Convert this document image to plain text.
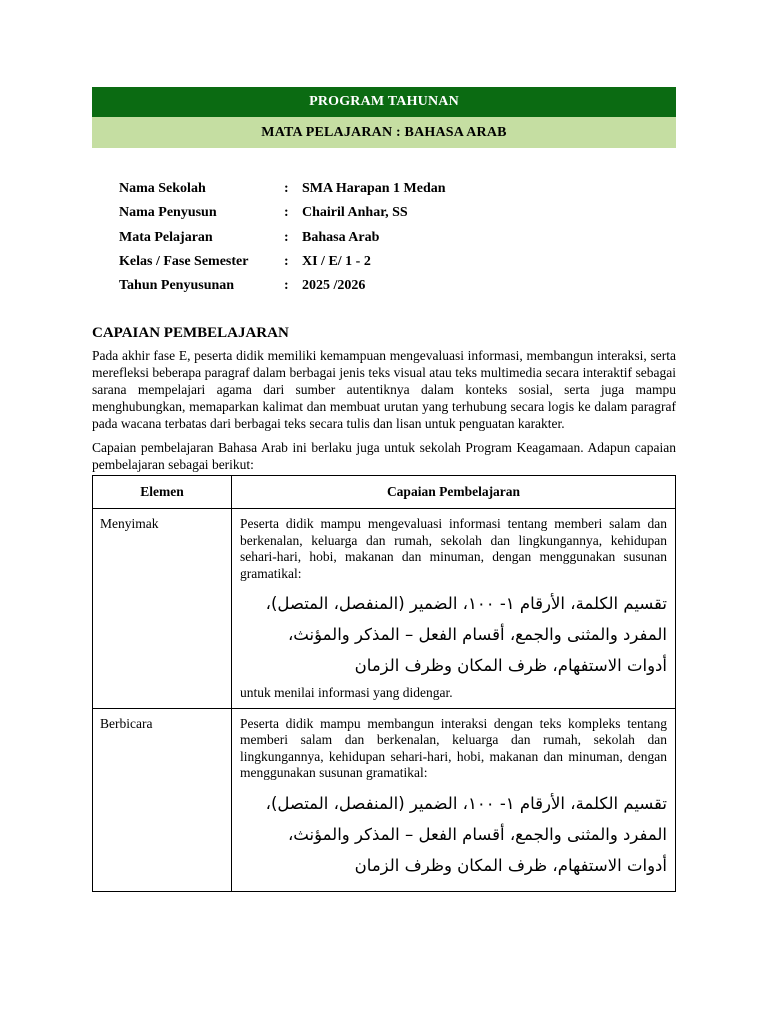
PROGRAM TAHUNAN
MATA PELAJARAN : BAHASA ARAB
Nama Sekolah	: SMA Harapan 1 Medan
Nama Penyusun	: Chairil Anhar, SS
Mata Pelajaran	: Bahasa Arab
Kelas / Fase Semester	: XI / E/ 1 - 2
Tahun Penyusunan	: 2025 /2026
CAPAIAN PEMBELAJARAN
Pada akhir fase E, peserta didik memiliki kemampuan mengevaluasi informasi, membangun interaksi, serta merefleksi beberapa paragraf dalam berbagai jenis teks visual atau teks multimedia secara interaktif sebagai sarana mempelajari agama dari sumber autentiknya dalam konteks sosial, serta juga mampu menghubungkan, memaparkan kalimat dan membuat urutan yang terhubung secara logis ke dalam paragraf pada wacana terbatas dari berbagai teks secara tulis dan lisan untuk penguatan karakter.
Capaian pembelajaran Bahasa Arab ini berlaku juga untuk sekolah Program Keagamaan. Adapun capaian pembelajaran sebagai berikut:
Elemen	Capaian Pembelajaran
Menyimak	Peserta didik mampu mengevaluasi informasi tentang memberi salam dan berkenalan, keluarga dan rumah, sekolah dan lingkungannya, kehidupan sehari-hari, hobi, makanan dan minuman, dengan menggunakan susunan gramatikal:
تقسيم الكلمة، الأرقام ١- ١٠٠، الضمير (المنفصل، المتصل)،
المفرد والمثنى والجمع، أقسام الفعل – المذكر والمؤنث،
أدوات الاستفهام، ظرف المكان وظرف الزمان
untuk menilai informasi yang didengar.

Berbicara	Peserta didik mampu membangun interaksi dengan teks kompleks tentang memberi salam dan berkenalan, keluarga dan rumah, sekolah dan lingkungannya, kehidupan sehari-hari, hobi, makanan dan minuman, dengan menggunakan susunan gramatikal:
تقسيم الكلمة، الأرقام ١- ١٠٠، الضمير (المنفصل، المتصل)،
المفرد والمثنى والجمع، أقسام الفعل – المذكر والمؤنث،
أدوات الاستفهام، ظرف المكان وظرف الزمان
